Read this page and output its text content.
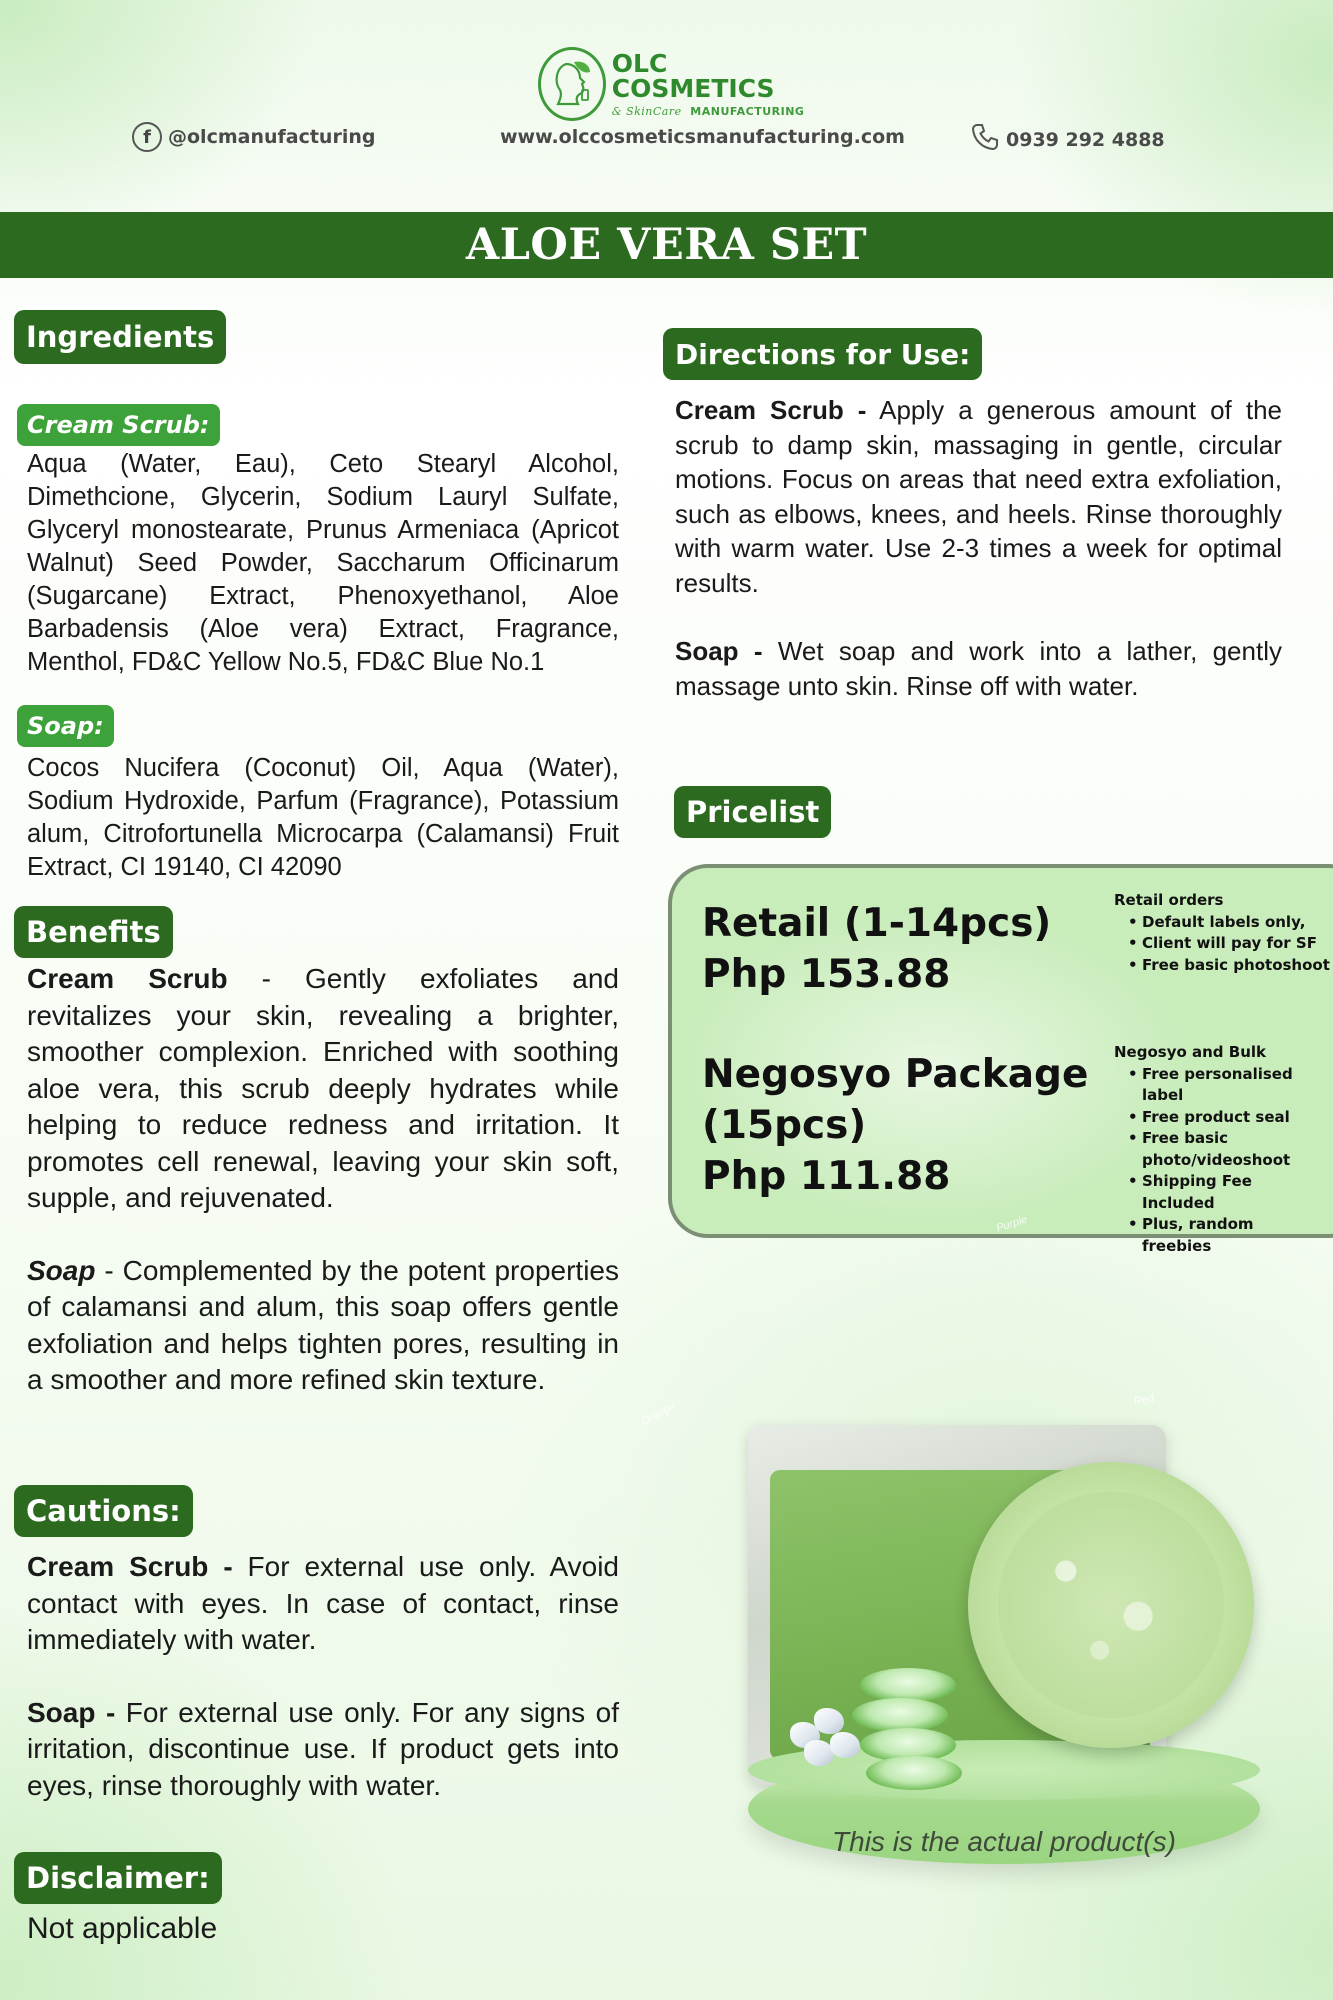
OLC COSMETICS
& SkinCare MANUFACTURING
f @olcmanufacturing	www.olccosmeticsmanufacturing.com	0939 292 4888
ALOE VERA SET
Ingredients
Cream Scrub:
Aqua (Water, Eau), Ceto Stearyl Alcohol, Dimethcione, Glycerin, Sodium Lauryl Sulfate, Glyceryl monostearate, Prunus Armeniaca (Apricot Walnut) Seed Powder, Saccharum Officinarum (Sugarcane) Extract, Phenoxyethanol, Aloe Barbadensis (Aloe vera) Extract, Fragrance, Menthol, FD&C Yellow No.5, FD&C Blue No.1
Soap:
Cocos Nucifera (Coconut) Oil, Aqua (Water), Sodium Hydroxide, Parfum (Fragrance), Potassium alum, Citrofortunella Microcarpa (Calamansi) Fruit Extract, CI 19140, CI 42090
Benefits
Cream Scrub - Gently exfoliates and revitalizes your skin, revealing a brighter, smoother complexion. Enriched with soothing aloe vera, this scrub deeply hydrates while helping to reduce redness and irritation. It promotes cell renewal, leaving your skin soft, supple, and rejuvenated.
Soap - Complemented by the potent properties of calamansi and alum, this soap offers gentle exfoliation and helps tighten pores, resulting in a smoother and more refined skin texture.
Cautions:
Cream Scrub - For external use only. Avoid contact with eyes. In case of contact, rinse immediately with water.
Soap - For external use only. For any signs of irritation, discontinue use. If product gets into eyes, rinse thoroughly with water.
Disclaimer:
Not applicable
Directions for Use:
Cream Scrub - Apply a generous amount of the scrub to damp skin, massaging in gentle, circular motions. Focus on areas that need extra exfoliation, such as elbows, knees, and heels. Rinse thoroughly with warm water. Use 2-3 times a week for optimal results.
Soap - Wet soap and work into a lather, gently massage unto skin. Rinse off with water.
Pricelist
Retail (1-14pcs)
Php 153.88
Negosyo Package
(15pcs)
Php 111.88
Retail orders
• Default labels only,
• Client will pay for SF
• Free basic photoshoot
Negosyo and Bulk
• Free personalised label
• Free product seal
• Free basic photo/videoshoot
• Shipping Fee Included
• Plus, random freebies
Purple
Orange
Red
This is the actual product(s)
